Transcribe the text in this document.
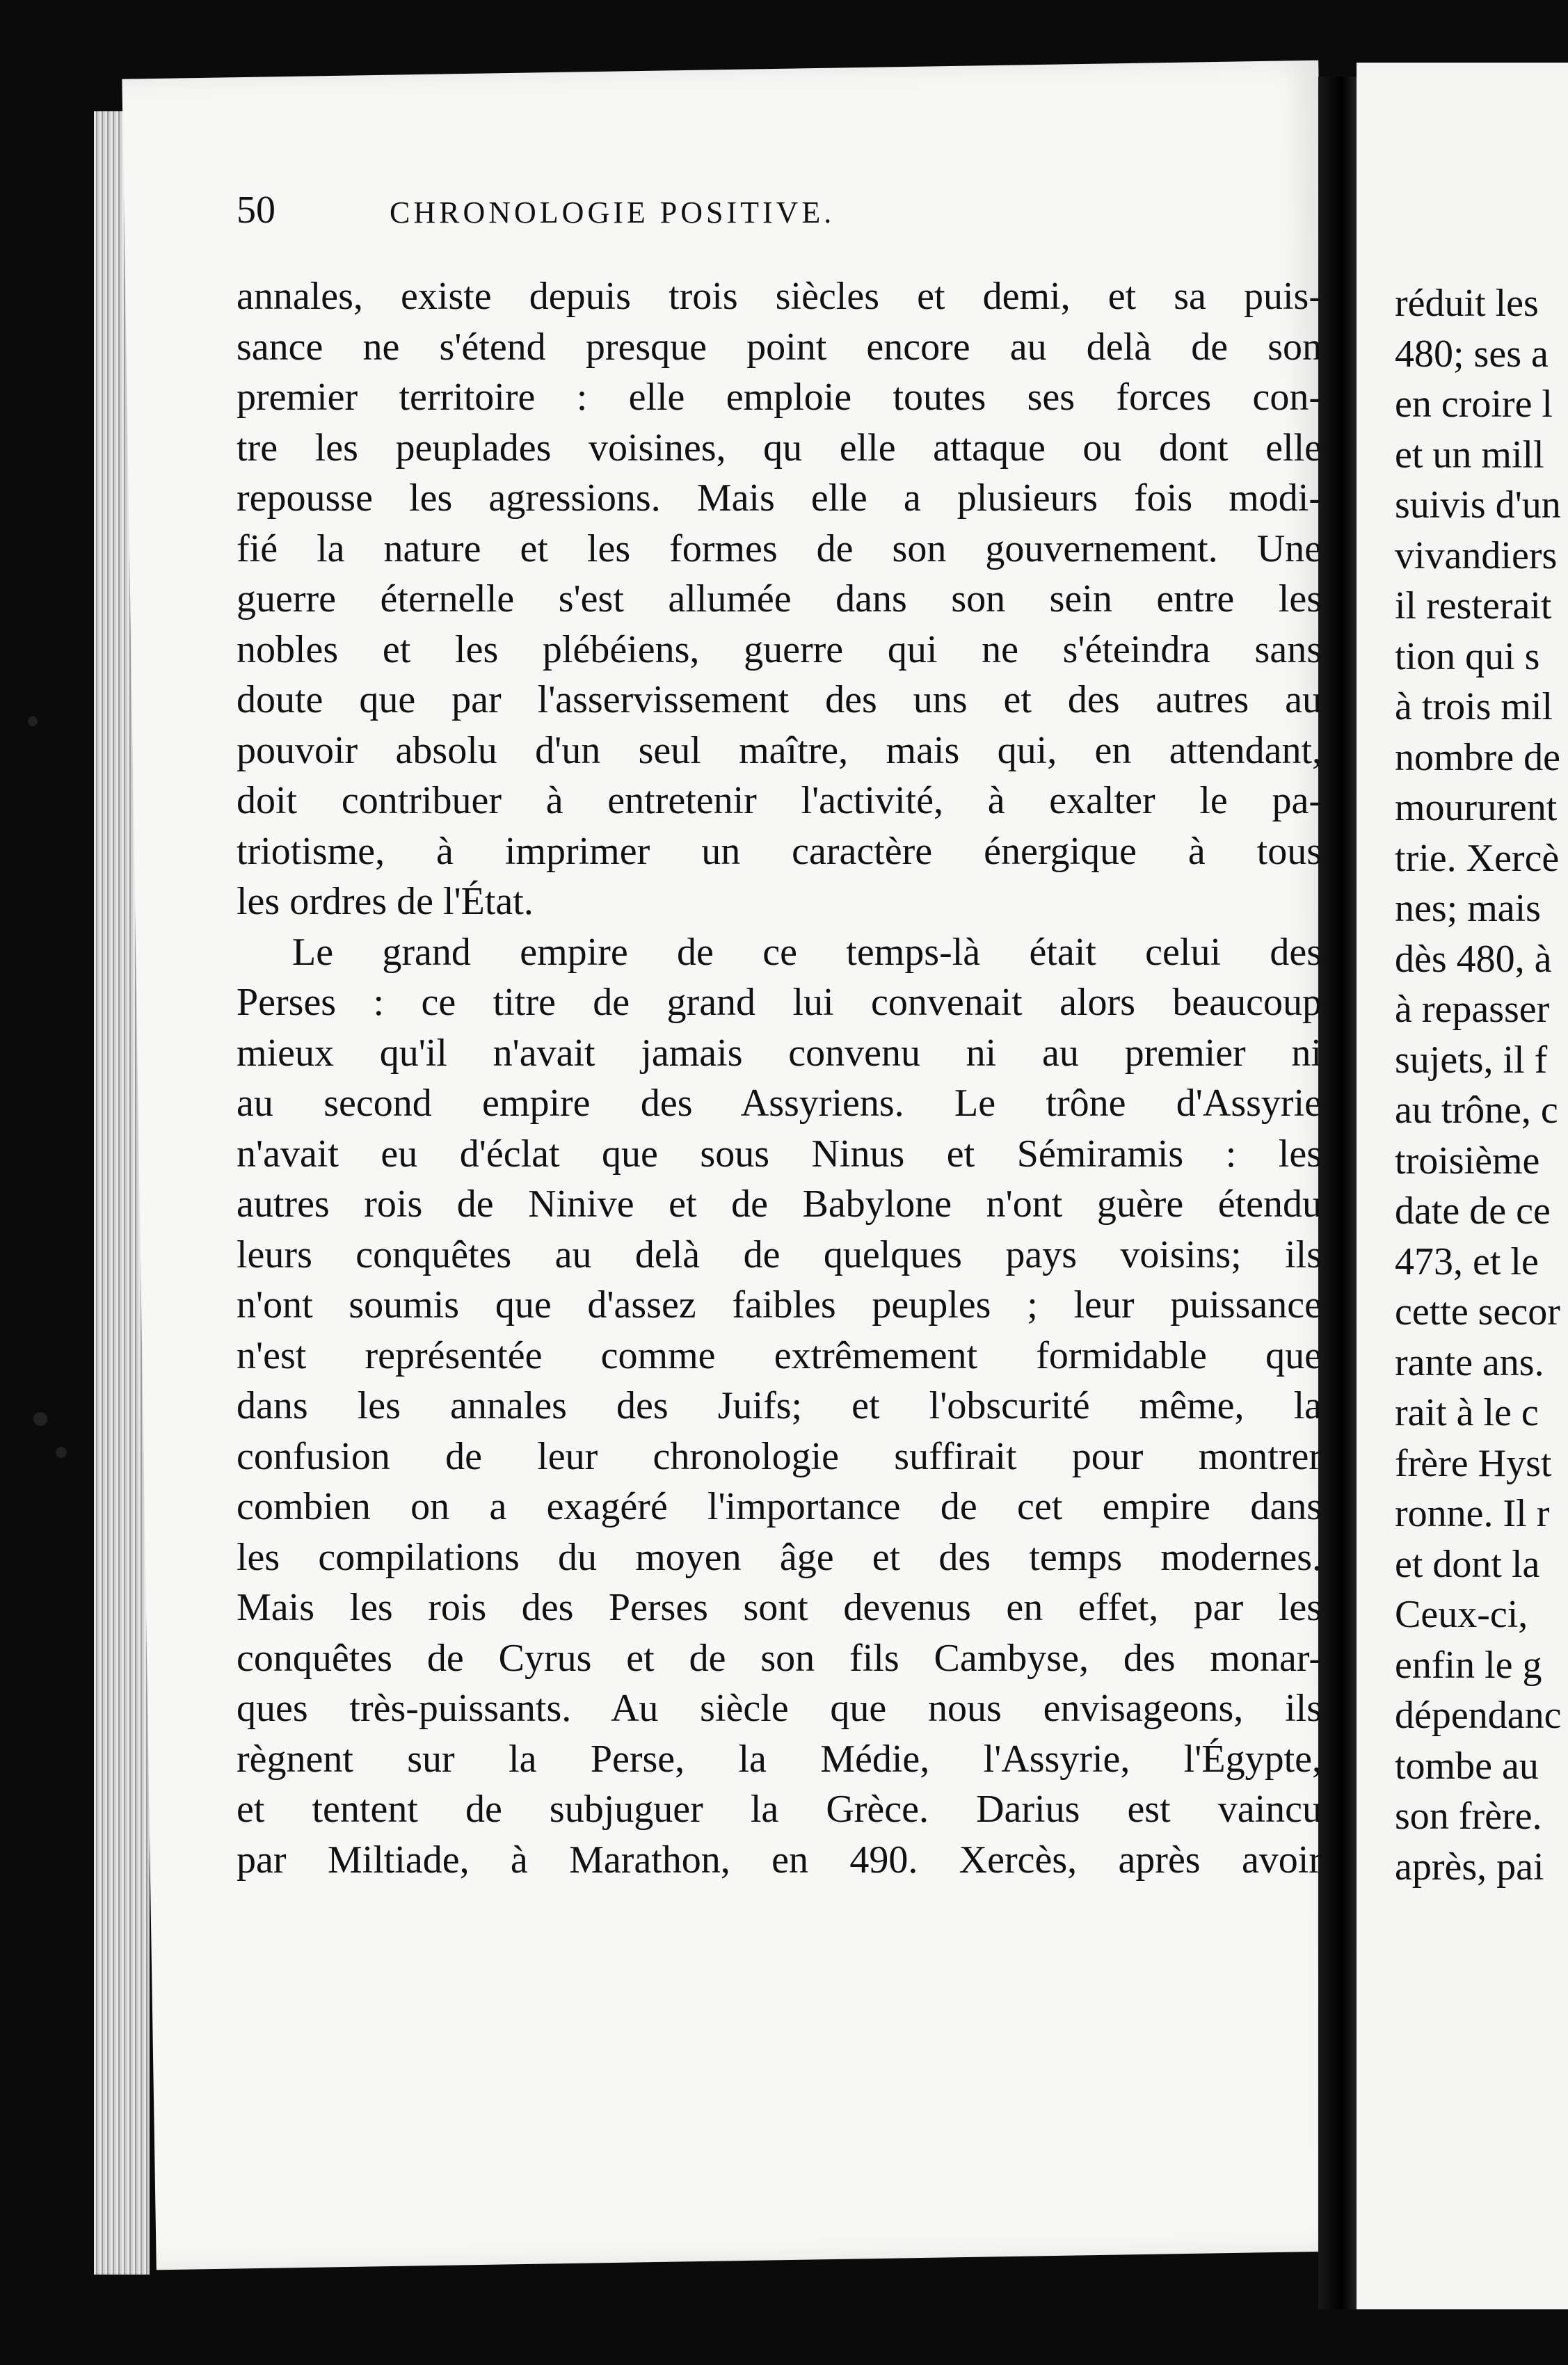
50	CHRONOLOGIE POSITIVE.
annales, existe depuis trois siècles et demi, et sa puis-
sance ne s'étend presque point encore au delà de son
premier territoire : elle emploie toutes ses forces con-
tre les peuplades voisines, qu elle attaque ou dont elle
repousse les agressions. Mais elle a plusieurs fois modi-
fié la nature et les formes de son gouvernement. Une
guerre éternelle s'est allumée dans son sein entre les
nobles et les plébéiens, guerre qui ne s'éteindra sans
doute que par l'asservissement des uns et des autres au
pouvoir absolu d'un seul maître, mais qui, en attendant,
doit contribuer à entretenir l'activité, à exalter le pa-
triotisme, à imprimer un caractère énergique à tous
les ordres de l'État.
Le grand empire de ce temps-là était celui des
Perses : ce titre de grand lui convenait alors beaucoup
mieux qu'il n'avait jamais convenu ni au premier ni
au second empire des Assyriens. Le trône d'Assyrie
n'avait eu d'éclat que sous Ninus et Sémiramis : les
autres rois de Ninive et de Babylone n'ont guère étendu
leurs conquêtes au delà de quelques pays voisins; ils
n'ont soumis que d'assez faibles peuples ; leur puissance
n'est représentée comme extrêmement formidable que
dans les annales des Juifs; et l'obscurité même, la
confusion de leur chronologie suffirait pour montrer
combien on a exagéré l'importance de cet empire dans
les compilations du moyen âge et des temps modernes.
Mais les rois des Perses sont devenus en effet, par les
conquêtes de Cyrus et de son fils Cambyse, des monar-
ques très-puissants. Au siècle que nous envisageons, ils
règnent sur la Perse, la Médie, l'Assyrie, l'Égypte,
et tentent de subjuguer la Grèce. Darius est vaincu
par Miltiade, à Marathon, en 490. Xercès, après avoir
réduit les
480; ses a
en croire l
et un mill
suivis d'un
vivandiers
il resterait
tion qui s
à trois mil
nombre de
moururent
trie. Xercè
nes; mais
dès 480, à
à repasser
sujets, il f
au trône, c
troisième
date de ce
473, et le
cette secor
rante ans.
rait à le c
frère Hyst
ronne. Il r
et dont la
Ceux-ci,
enfin le g
dépendanc
tombe au
son frère.
après, pai
